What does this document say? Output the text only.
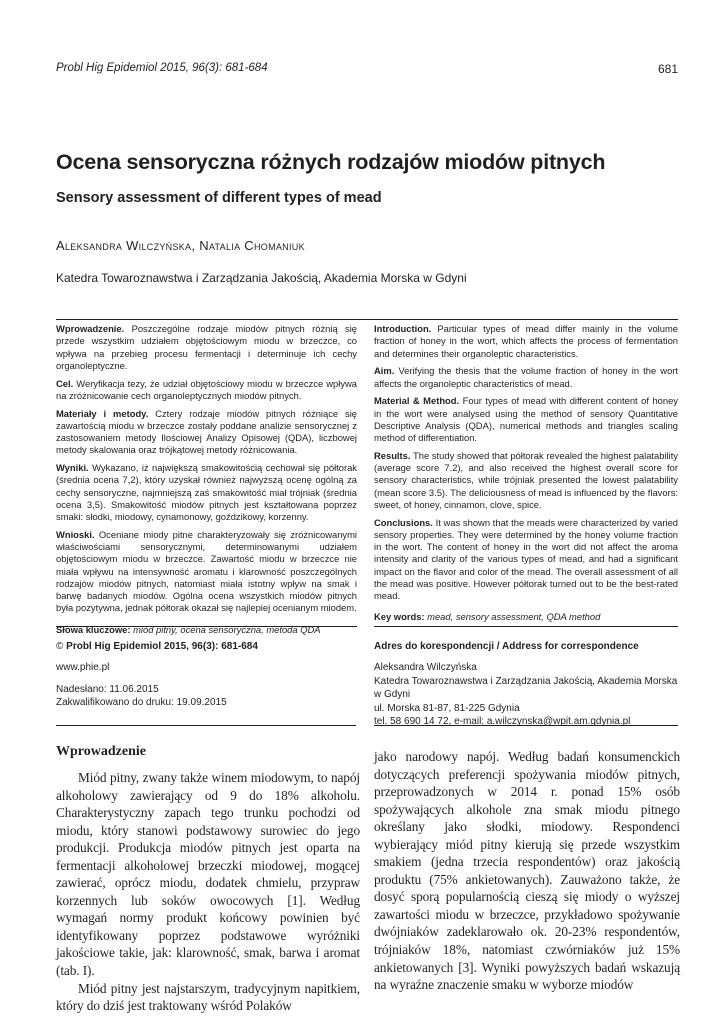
Probl Hig Epidemiol 2015, 96(3): 681-684	681
Ocena sensoryczna różnych rodzajów miodów pitnych
Sensory assessment of different types of mead
Aleksandra Wilczyńska, Natalia Chomaniuk
Katedra Towaroznawstwa i Zarządzania Jakością, Akademia Morska w Gdyni

Wprowadzenie. Poszczególne rodzaje miodów pitnych różnią się przede wszystkim udziałem objętościowym miodu w brzeczce, co wpływa na przebieg procesu fermentacji i determinuje ich cechy organoleptyczne.

Cel. Weryfikacja tezy, że udział objętościowy miodu w brzeczce wpływa na zróżnicowanie cech organoleptycznych miodów pitnych.

Materiały i metody. Cztery rodzaje miodów pitnych różniące się zawartością miodu w brzeczce zostały poddane analizie sensorycznej z zastosowaniem metody Ilościowej Analizy Opisowej (QDA), liczbowej metody skalowania oraz trójkątowej metody różnicowania.

Wyniki. Wykazano, iż największą smakowitością cechował się półtorak (średnia ocena 7,2), który uzyskał również najwyższą ocenę ogólną za cechy sensoryczne, najmniejszą zaś smakowitość miał trójniak (średnia ocena 3,5). Smakowitość miodów pitnych jest kształtowana poprzez smaki: słodki, miodowy, cynamonowy, goździkowy, korzenny.

Wnioski. Oceniane miody pitne charakteryzowały się zróżnicowanymi właściwościami sensorycznymi, determinowanymi udziałem objętościowym miodu w brzeczce. Zawartość miodu w brzeczce nie miała wpływu na intensywność aromatu i klarowność poszczególnych rodzajów miodów pitnych, natomiast miała istotny wpływ na smak i barwę badanych miodów. Ogólna ocena wszystkich miodów pitnych była pozytywna, jednak półtorak okazał się najlepiej ocenianym miodem.

Słowa kluczowe: miód pitny, ocena sensoryczna, metoda QDA

Introduction. Particular types of mead differ mainly in the volume fraction of honey in the wort, which affects the process of fermentation and determines their organoleptic characteristics.

Aim. Verifying the thesis that the volume fraction of honey in the wort affects the organoleptic characteristics of mead.

Material & Method. Four types of mead with different content of honey in the wort were analysed using the method of sensory Quantitative Descriptive Analysis (QDA), numerical methods and triangles scaling method of differentiation.

Results. The study showed that półtorak revealed the highest palatability (average score 7.2), and also received the highest overall score for sensory characteristics, while trójniak presented the lowest palatability (mean score 3.5). The deliciousness of mead is influenced by the flavors: sweet, of honey, cinnamon, clove, spice.

Conclusions. It was shown that the meads were characterized by varied sensory properties. They were determined by the honey volume fraction in the wort. The content of honey in the wort did not affect the aroma intensity and clarity of the various types of mead, and had a significant impact on the flavor and color of the mead. The overall assessment of all the mead was positive. However półtorak turned out to be the best-rated mead.

Key words: mead, sensory assessment, QDA method

© Probl Hig Epidemiol 2015, 96(3): 681-684
www.phie.pl
Nadesłano: 11.06.2015
Zakwalifikowano do druku: 19.09.2015
Adres do korespondencji / Address for correspondence
Aleksandra Wilczyńska
Katedra Towaroznawstwa i Zarządzania Jakością, Akademia Morska w Gdyni
ul. Morska 81-87, 81-225 Gdynia
tel. 58 690 14 72, e-mail: a.wilczynska@wpit.am.gdynia.pl
Wprowadzenie

Miód pitny, zwany także winem miodowym, to napój alkoholowy zawierający od 9 do 18% alkoholu. Charakterystyczny zapach tego trunku pochodzi od miodu, który stanowi podstawowy surowiec do jego produkcji. Produkcja miodów pitnych jest oparta na fermentacji alkoholowej brzeczki miodowej, mogącej zawierać, oprócz miodu, dodatek chmielu, przypraw korzennych lub soków owocowych [1]. Według wymagań normy produkt końcowy powinien być identyfikowany poprzez podstawowe wyróżniki jakościowe takie, jak: klarowność, smak, barwa i aromat (tab. I).

Miód pitny jest najstarszym, tradycyjnym napitkiem, który do dziś jest traktowany wśród Polaków

jako narodowy napój. Według badań konsumenckich dotyczących preferencji spożywania miodów pitnych, przeprowadzonych w 2014 r. ponad 15% osób spożywających alkohole zna smak miodu pitnego określany jako słodki, miodowy. Respondenci wybierający miód pitny kierują się przede wszystkim smakiem (jedna trzecia respondentów) oraz jakością produktu (75% ankietowanych). Zauważono także, że dosyć sporą popularnością cieszą się miody o wyższej zawartości miodu w brzeczce, przykładowo spożywanie dwójniaków zadeklarowało ok. 20-23% respondentów, trójniaków 18%, natomiast czwórniaków już 15% ankietowanych [3]. Wyniki powyższych badań wskazują na wyraźne znaczenie smaku w wyborze miodów
